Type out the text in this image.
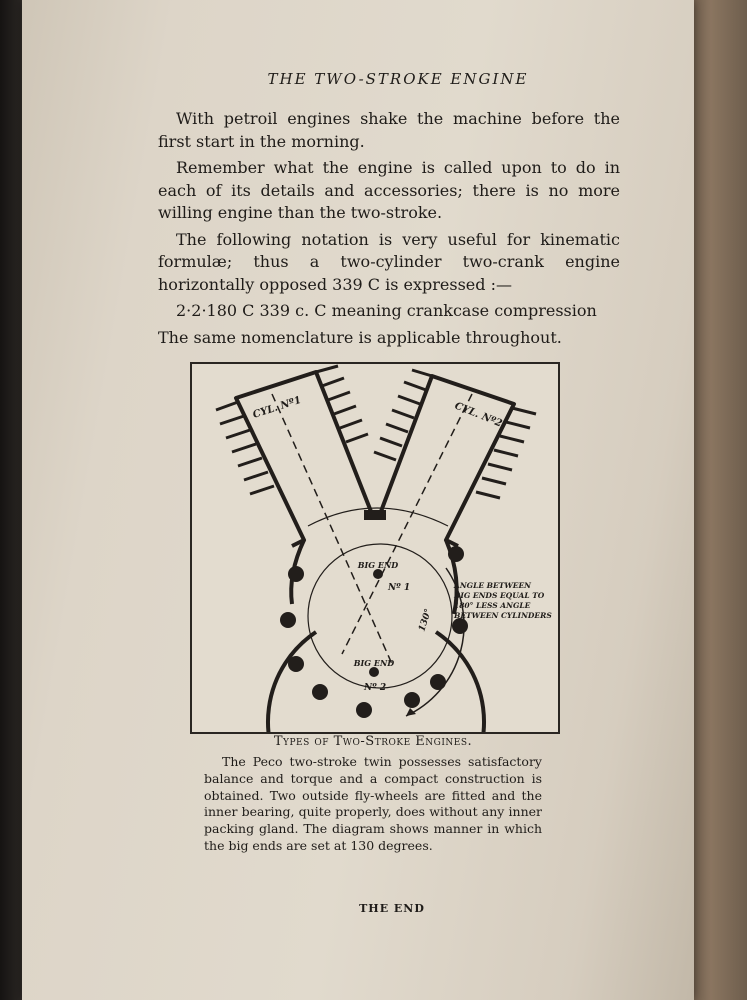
THE TWO-STROKE ENGINE

With petroil engines shake the machine before the first start in the morning.

Remember what the engine is called upon to do in each of its details and accessories; there is no more willing engine than the two-stroke.

The following notation is very useful for kinematic formulæ; thus a two-cylinder two-crank engine horizontally opposed 339 C is expressed :—

2·2·180 C 339 c. C meaning crankcase compression

The same nomenclature is applicable throughout.

CYL. Nº1	CYL. Nº2
BIG END
Nº 1
BIG END
Nº 2
130°
ANGLE BETWEEN
BIG ENDS EQUAL TO
180° LESS ANGLE
BETWEEN CYLINDERS
Types of Two-Stroke Engines.

The Peco two-stroke twin possesses satisfactory balance and torque and a compact construction is obtained. Two outside fly-wheels are fitted and the inner bearing, quite properly, does without any inner packing gland. The diagram shows manner in which the big ends are set at 130 degrees.

THE END
